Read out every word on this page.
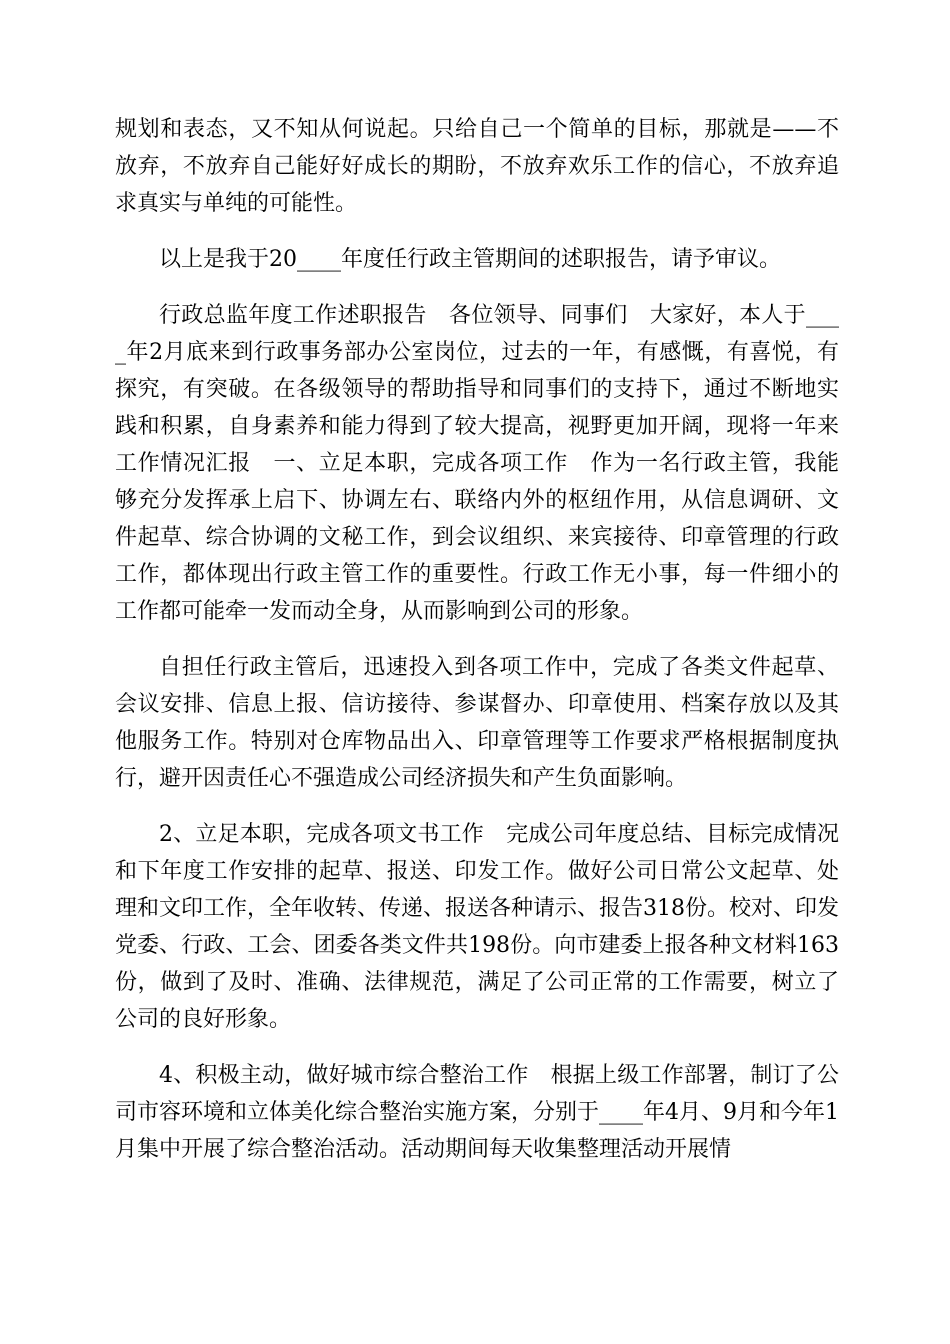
规划和表态，又不知从何说起。只给自己一个简单的目标，那就是——不放弃，不放弃自己能好好成长的期盼，不放弃欢乐工作的信心，不放弃追求真实与单纯的可能性。

以上是我于20____年度任行政主管期间的述职报告，请予审议。

行政总监年度工作述职报告　各位领导、同事们　大家好，本人于____年2月底来到行政事务部办公室岗位，过去的一年，有感慨，有喜悦，有探究，有突破。在各级领导的帮助指导和同事们的支持下，通过不断地实践和积累，自身素养和能力得到了较大提高，视野更加开阔，现将一年来工作情况汇报　一、立足本职，完成各项工作　作为一名行政主管，我能够充分发挥承上启下、协调左右、联络内外的枢纽作用，从信息调研、文件起草、综合协调的文秘工作，到会议组织、来宾接待、印章管理的行政工作，都体现出行政主管工作的重要性。行政工作无小事，每一件细小的工作都可能牵一发而动全身，从而影响到公司的形象。

自担任行政主管后，迅速投入到各项工作中，完成了各类文件起草、会议安排、信息上报、信访接待、参谋督办、印章使用、档案存放以及其他服务工作。特别对仓库物品出入、印章管理等工作要求严格根据制度执行，避开因责任心不强造成公司经济损失和产生负面影响。

2、立足本职，完成各项文书工作　完成公司年度总结、目标完成情况和下年度工作安排的起草、报送、印发工作。做好公司日常公文起草、处理和文印工作，全年收转、传递、报送各种请示、报告318份。校对、印发党委、行政、工会、团委各类文件共198份。向市建委上报各种文材料163份，做到了及时、准确、法律规范，满足了公司正常的工作需要，树立了公司的良好形象。

4、积极主动，做好城市综合整治工作　根据上级工作部署，制订了公司市容环境和立体美化综合整治实施方案，分别于____年4月、9月和今年1月集中开展了综合整治活动。活动期间每天收集整理活动开展情
